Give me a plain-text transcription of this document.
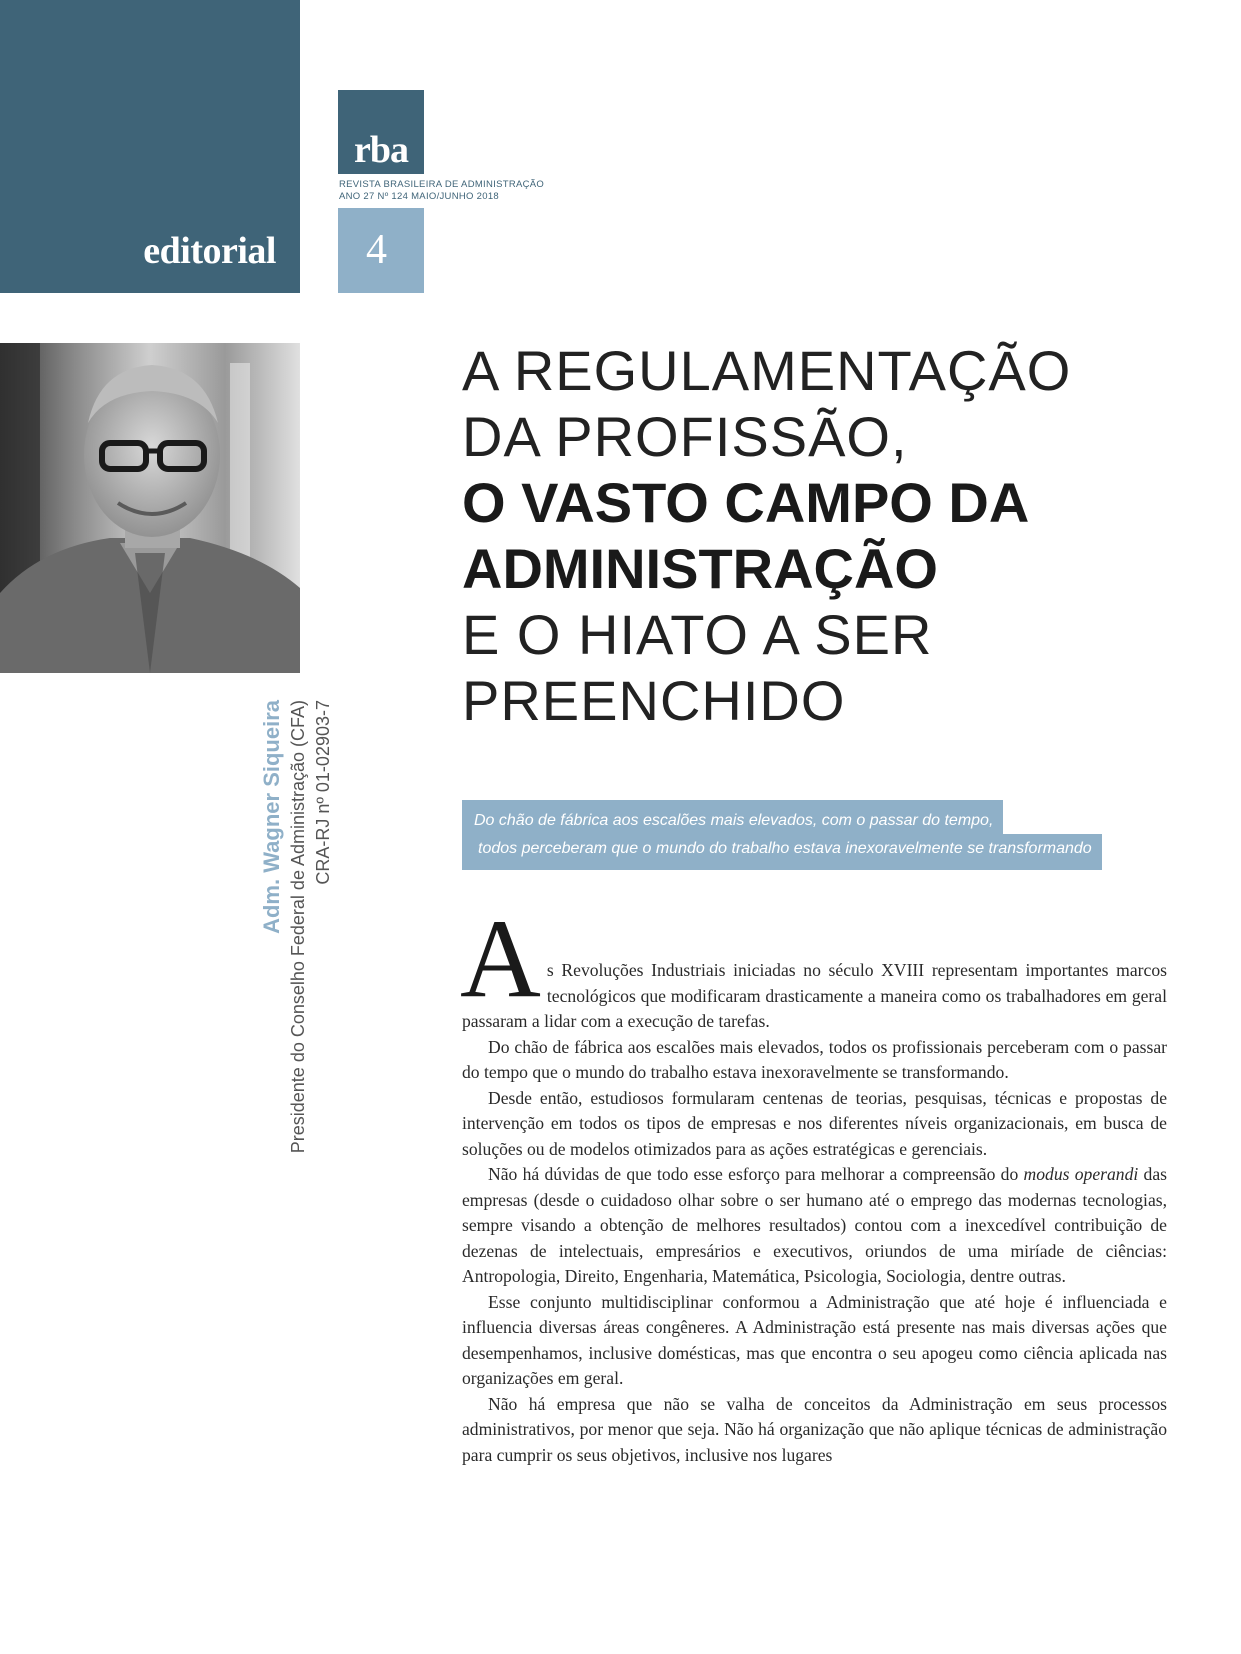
editorial
rba
REVISTA BRASILEIRA DE ADMINISTRAÇÃO
ANO 27 Nº 124 MAIO/JUNHO 2018
4
Adm. Wagner Siqueira Presidente do Conselho Federal de Administração (CFA) CRA-RJ nº 01-02903-7
A REGULAMENTAÇÃO
DA PROFISSÃO,
O VASTO CAMPO DA
ADMINISTRAÇÃO
E O HIATO A SER
PREENCHIDO
Do chão de fábrica aos escalões mais elevados, com o passar do tempo,
todos perceberam que o mundo do trabalho estava inexoravelmente se transformando

As Revoluções Industriais iniciadas no século XVIII representam importantes marcos tecnológicos que modificaram drasticamente a maneira como os trabalhadores em geral passaram a lidar com a execução de tarefas.

Do chão de fábrica aos escalões mais elevados, todos os profissionais perceberam com o passar do tempo que o mundo do trabalho estava inexoravelmente se transformando.

Desde então, estudiosos formularam centenas de teorias, pesquisas, técnicas e propostas de intervenção em todos os tipos de empresas e nos diferentes níveis organizacionais, em busca de soluções ou de modelos otimizados para as ações estratégicas e gerenciais.

Não há dúvidas de que todo esse esforço para melhorar a compreensão do modus operandi das empresas (desde o cuidadoso olhar sobre o ser humano até o emprego das modernas tecnologias, sempre visando a obtenção de melhores resultados) contou com a inexcedível contribuição de dezenas de intelectuais, empresários e executivos, oriundos de uma miríade de ciências: Antropologia, Direito, Engenharia, Matemática, Psicologia, Sociologia, dentre outras.

Esse conjunto multidisciplinar conformou a Administração que até hoje é influenciada e influencia diversas áreas congêneres. A Administração está presente nas mais diversas ações que desempenhamos, inclusive domésticas, mas que encontra o seu apogeu como ciência aplicada nas organizações em geral.

Não há empresa que não se valha de conceitos da Administração em seus processos administrativos, por menor que seja. Não há organização que não aplique técnicas de administração para cumprir os seus objetivos, inclusive nos lugares
